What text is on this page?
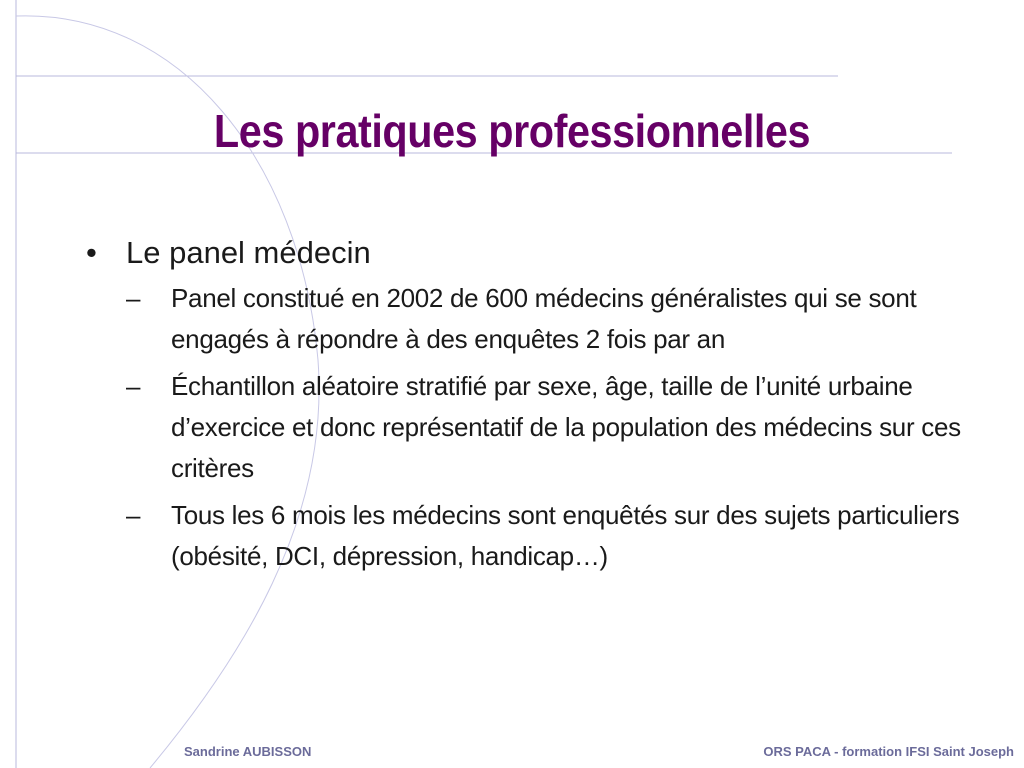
Les pratiques professionnelles
• Le panel médecin
– Panel constitué en 2002 de 600 médecins généralistes qui se sont engagés à répondre à des enquêtes 2 fois par an
– Échantillon aléatoire stratifié par sexe, âge, taille de l’unité urbaine d’exercice et donc représentatif de la population des médecins sur ces critères
– Tous les 6 mois les médecins sont enquêtés sur des sujets particuliers (obésité, DCI, dépression, handicap…)
Sandrine AUBISSON	ORS PACA - formation IFSI Saint Joseph
